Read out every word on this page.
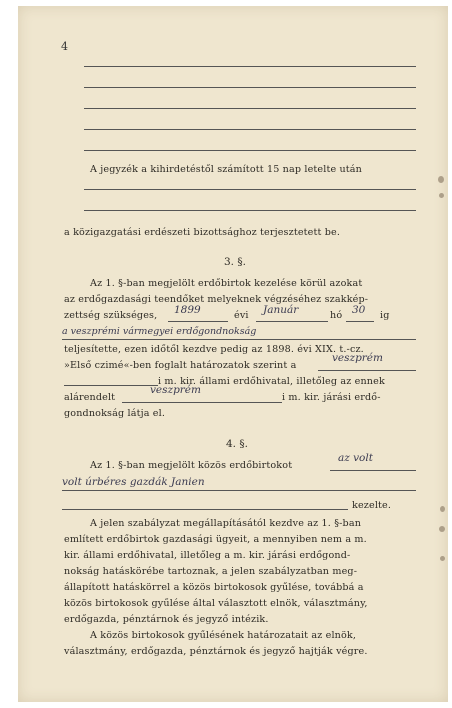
4
A jegyzék a kihirdetéstől számított 15 nap letelte után
a közigazgatási erdészeti bizottsághoz terjesztetett be.
3. §.
Az 1. §-ban megjelölt erdőbirtok kezelése körül azokat
az erdőgazdasági teendőket melyeknek végzéséhez szakkép-
zettség szükséges, 1899	évi Január	hó 30 ig
a veszprémi vármegyei erdőgondnokság
teljesítette, ezen időtől kezdve pedig az 1898. évi XIX. t.-cz.
»Első czimé«-ben foglalt határozatok szerint a
veszprém
i m. kir. állami erdőhivatal, illetőleg az ennek
alárendelt
veszprém
i m. kir. járási erdő-
gondnokság látja el.
4. §.
Az 1. §-ban megjelölt közös erdőbirtokot
az volt
volt úrbéres gazdák Janien
kezelte.
A jelen szabályzat megállapításától kezdve az 1. §-ban
említett erdőbirtok gazdasági ügyeit, a mennyiben nem a m.
kir. állami erdőhivatal, illetőleg a m. kir. járási erdőgond-
nokság hatáskörébe tartoznak, a jelen szabályzatban meg-
állapított hatáskörrel a közös birtokosok gyűlése, továbbá a
közös birtokosok gyűlése által választott elnök, választmány,
erdőgazda, pénztárnok és jegyző intézik.
A közös birtokosok gyűlésének határozatait az elnök,
választmány, erdőgazda, pénztárnok és jegyző hajtják végre.
